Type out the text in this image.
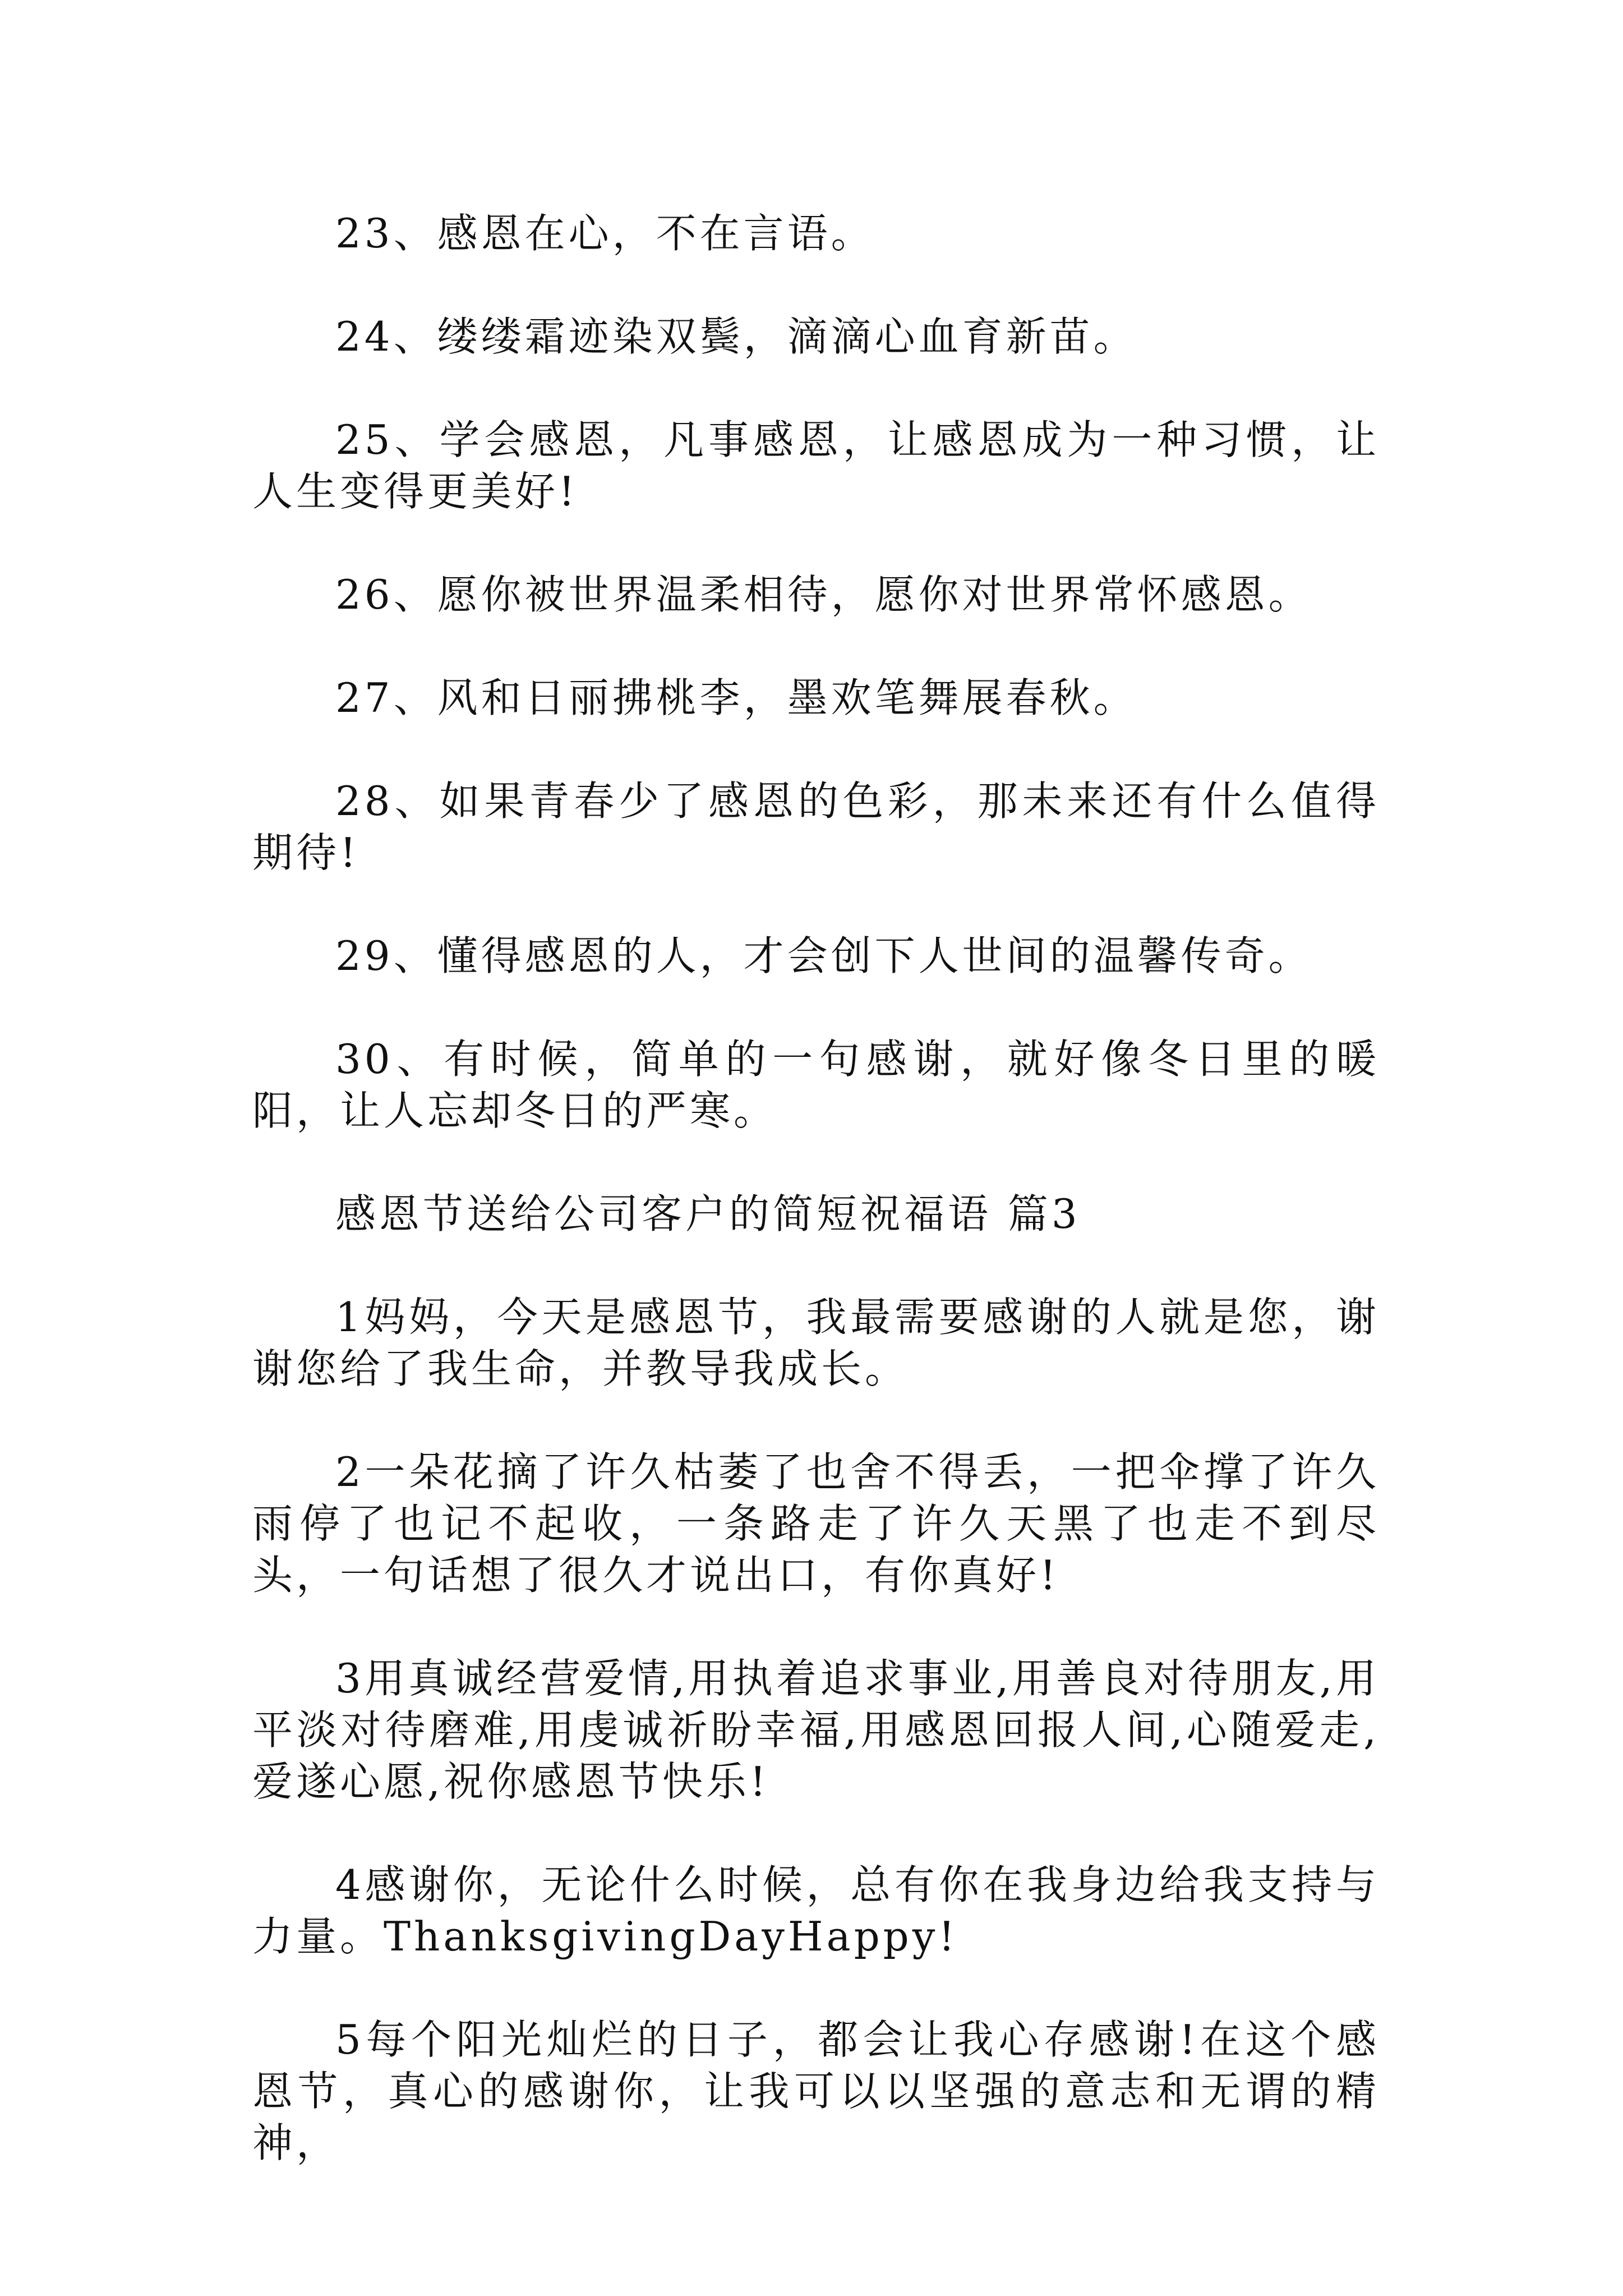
23、感恩在心，不在言语。

24、缕缕霜迹染双鬓，滴滴心血育新苗。

25、学会感恩，凡事感恩，让感恩成为一种习惯，让人生变得更美好!

26、愿你被世界温柔相待，愿你对世界常怀感恩。

27、风和日丽拂桃李，墨欢笔舞展春秋。

28、如果青春少了感恩的色彩，那未来还有什么值得期待!

29、懂得感恩的人，才会创下人世间的温馨传奇。

30、有时候，简单的一句感谢，就好像冬日里的暖阳，让人忘却冬日的严寒。

感恩节送给公司客户的简短祝福语 篇3

1妈妈，今天是感恩节，我最需要感谢的人就是您，谢谢您给了我生命，并教导我成长。

2一朵花摘了许久枯萎了也舍不得丢，一把伞撑了许久雨停了也记不起收，一条路走了许久天黑了也走不到尽头，一句话想了很久才说出口，有你真好!

3用真诚经营爱情,用执着追求事业,用善良对待朋友,用平淡对待磨难,用虔诚祈盼幸福,用感恩回报人间,心随爱走,爱遂心愿,祝你感恩节快乐!

4感谢你，无论什么时候，总有你在我身边给我支持与力量。ThanksgivingDayHappy!

5每个阳光灿烂的日子，都会让我心存感谢!在这个感恩节，真心的感谢你，让我可以以坚强的意志和无谓的精神，
